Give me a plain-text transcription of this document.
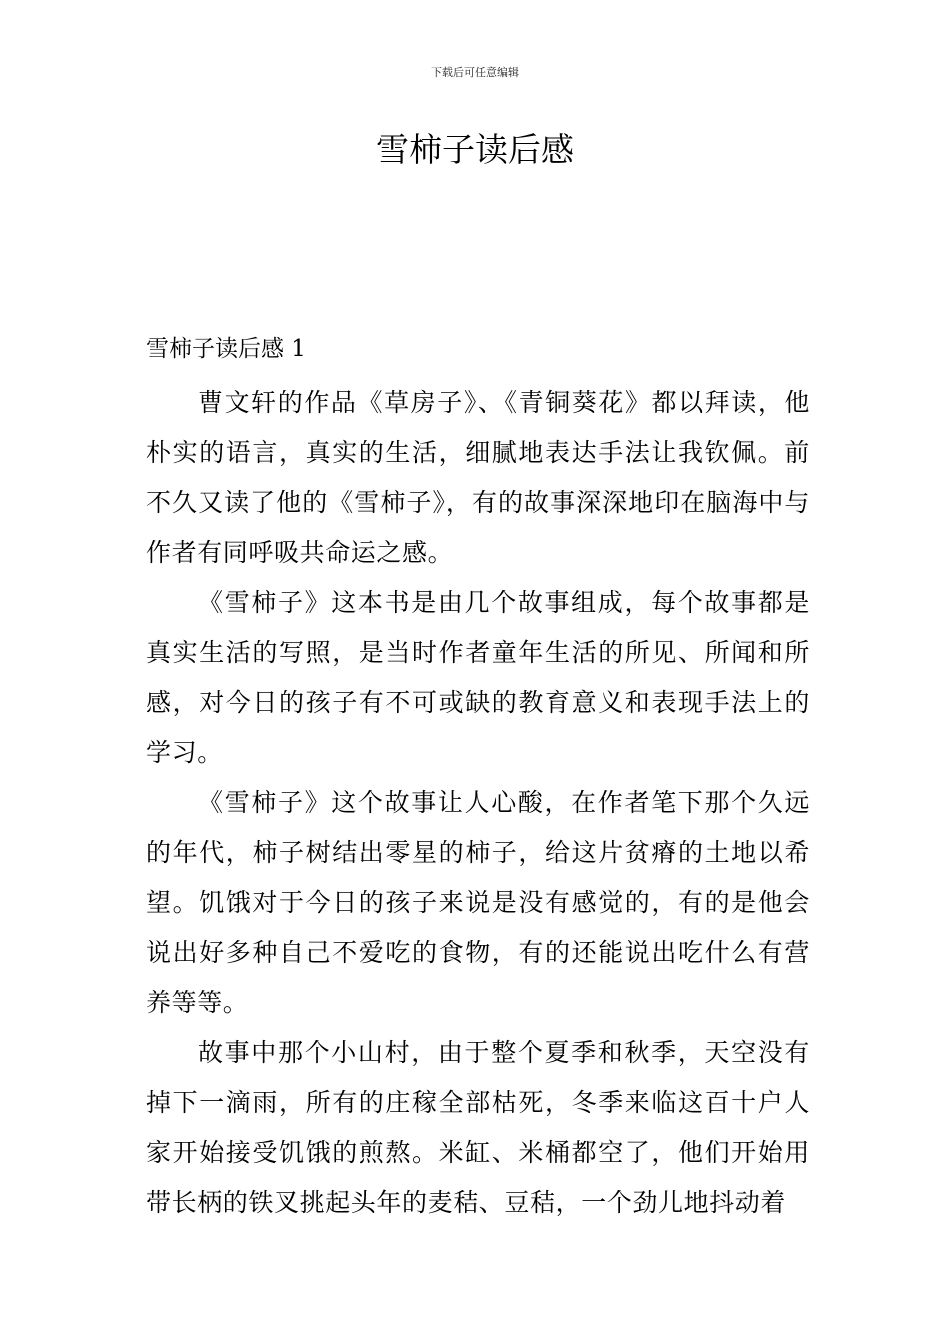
下载后可任意编辑
雪柿子读后感
雪柿子读后感 1

曹文轩的作品《草房子》、《青铜葵花》都以拜读，他朴实的语言，真实的生活，细腻地表达手法让我钦佩。前不久又读了他的《雪柿子》，有的故事深深地印在脑海中与作者有同呼吸共命运之感。

《雪柿子》这本书是由几个故事组成，每个故事都是真实生活的写照，是当时作者童年生活的所见、所闻和所感，对今日的孩子有不可或缺的教育意义和表现手法上的学习。

《雪柿子》这个故事让人心酸，在作者笔下那个久远的年代，柿子树结出零星的柿子，给这片贫瘠的土地以希望。饥饿对于今日的孩子来说是没有感觉的，有的是他会说出好多种自己不爱吃的食物，有的还能说出吃什么有营养等等。

故事中那个小山村，由于整个夏季和秋季，天空没有掉下一滴雨，所有的庄稼全部枯死，冬季来临这百十户人家开始接受饥饿的煎熬。米缸、米桶都空了，他们开始用带长柄的铁叉挑起头年的麦秸、豆秸，一个劲儿地抖动着
